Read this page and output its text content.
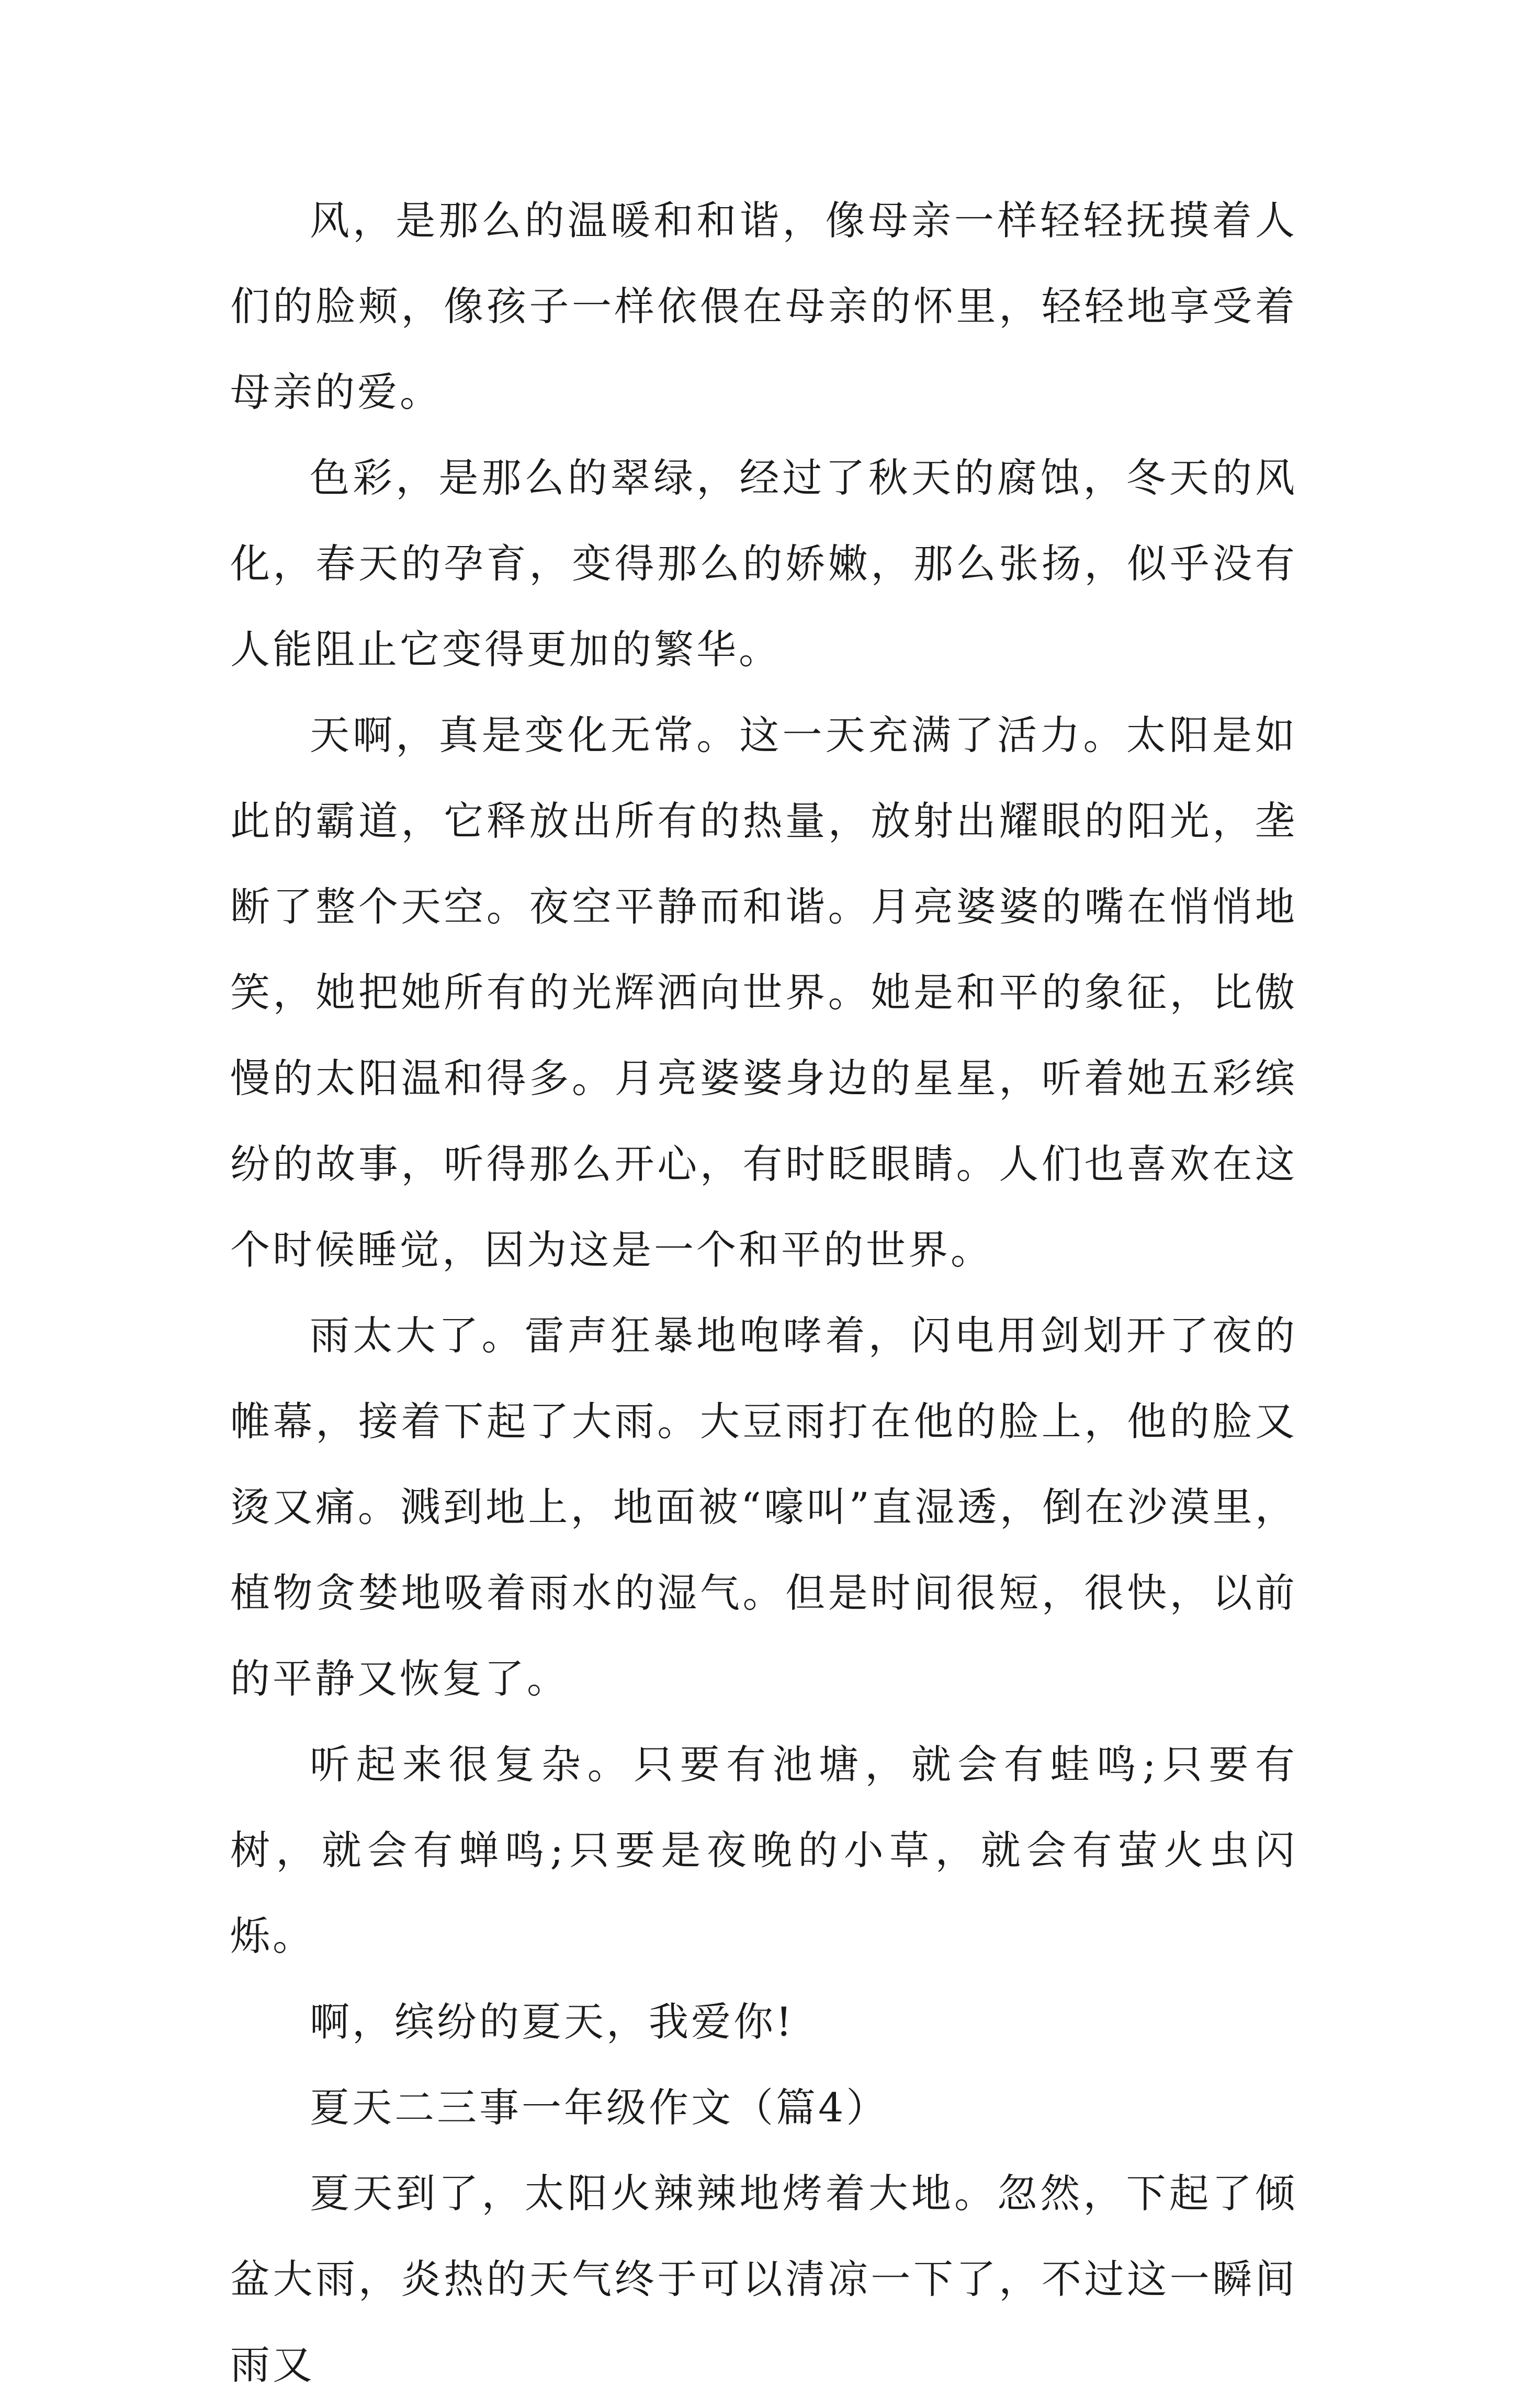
风，是那么的温暖和和谐，像母亲一样轻轻抚摸着人们的脸颊，像孩子一样依偎在母亲的怀里，轻轻地享受着母亲的爱。

色彩，是那么的翠绿，经过了秋天的腐蚀，冬天的风化，春天的孕育，变得那么的娇嫩，那么张扬，似乎没有人能阻止它变得更加的繁华。

天啊，真是变化无常。这一天充满了活力。太阳是如此的霸道，它释放出所有的热量，放射出耀眼的阳光，垄断了整个天空。夜空平静而和谐。月亮婆婆的嘴在悄悄地笑，她把她所有的光辉洒向世界。她是和平的象征，比傲慢的太阳温和得多。月亮婆婆身边的星星，听着她五彩缤纷的故事，听得那么开心，有时眨眼睛。人们也喜欢在这个时候睡觉，因为这是一个和平的世界。

雨太大了。雷声狂暴地咆哮着，闪电用剑划开了夜的帷幕，接着下起了大雨。大豆雨打在他的脸上，他的脸又烫又痛。溅到地上，地面被“嚎叫”直湿透，倒在沙漠里，植物贪婪地吸着雨水的湿气。但是时间很短，很快，以前的平静又恢复了。

听起来很复杂。只要有池塘，就会有蛙鸣;只要有树，就会有蝉鸣;只要是夜晚的小草，就会有萤火虫闪烁。

啊，缤纷的夏天，我爱你!

夏天二三事一年级作文（篇4）

夏天到了，太阳火辣辣地烤着大地。忽然，下起了倾盆大雨，炎热的天气终于可以清凉一下了，不过这一瞬间雨又
